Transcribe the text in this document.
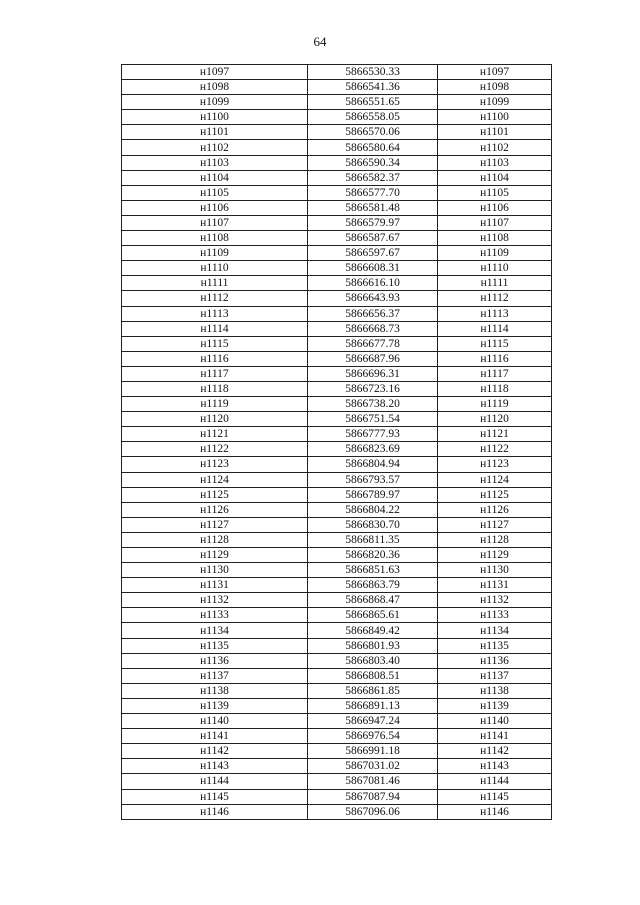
64
н1097	5866530.33	н1097
н1098	5866541.36	н1098
н1099	5866551.65	н1099
н1100	5866558.05	н1100
н1101	5866570.06	н1101
н1102	5866580.64	н1102
н1103	5866590.34	н1103
н1104	5866582.37	н1104
н1105	5866577.70	н1105
н1106	5866581.48	н1106
н1107	5866579.97	н1107
н1108	5866587.67	н1108
н1109	5866597.67	н1109
н1110	5866608.31	н1110
н1111	5866616.10	н1111
н1112	5866643.93	н1112
н1113	5866656.37	н1113
н1114	5866668.73	н1114
н1115	5866677.78	н1115
н1116	5866687.96	н1116
н1117	5866696.31	н1117
н1118	5866723.16	н1118
н1119	5866738.20	н1119
н1120	5866751.54	н1120
н1121	5866777.93	н1121
н1122	5866823.69	н1122
н1123	5866804.94	н1123
н1124	5866793.57	н1124
н1125	5866789.97	н1125
н1126	5866804.22	н1126
н1127	5866830.70	н1127
н1128	5866811.35	н1128
н1129	5866820.36	н1129
н1130	5866851.63	н1130
н1131	5866863.79	н1131
н1132	5866868.47	н1132
н1133	5866865.61	н1133
н1134	5866849.42	н1134
н1135	5866801.93	н1135
н1136	5866803.40	н1136
н1137	5866808.51	н1137
н1138	5866861.85	н1138
н1139	5866891.13	н1139
н1140	5866947.24	н1140
н1141	5866976.54	н1141
н1142	5866991.18	н1142
н1143	5867031.02	н1143
н1144	5867081.46	н1144
н1145	5867087.94	н1145
н1146	5867096.06	н1146
